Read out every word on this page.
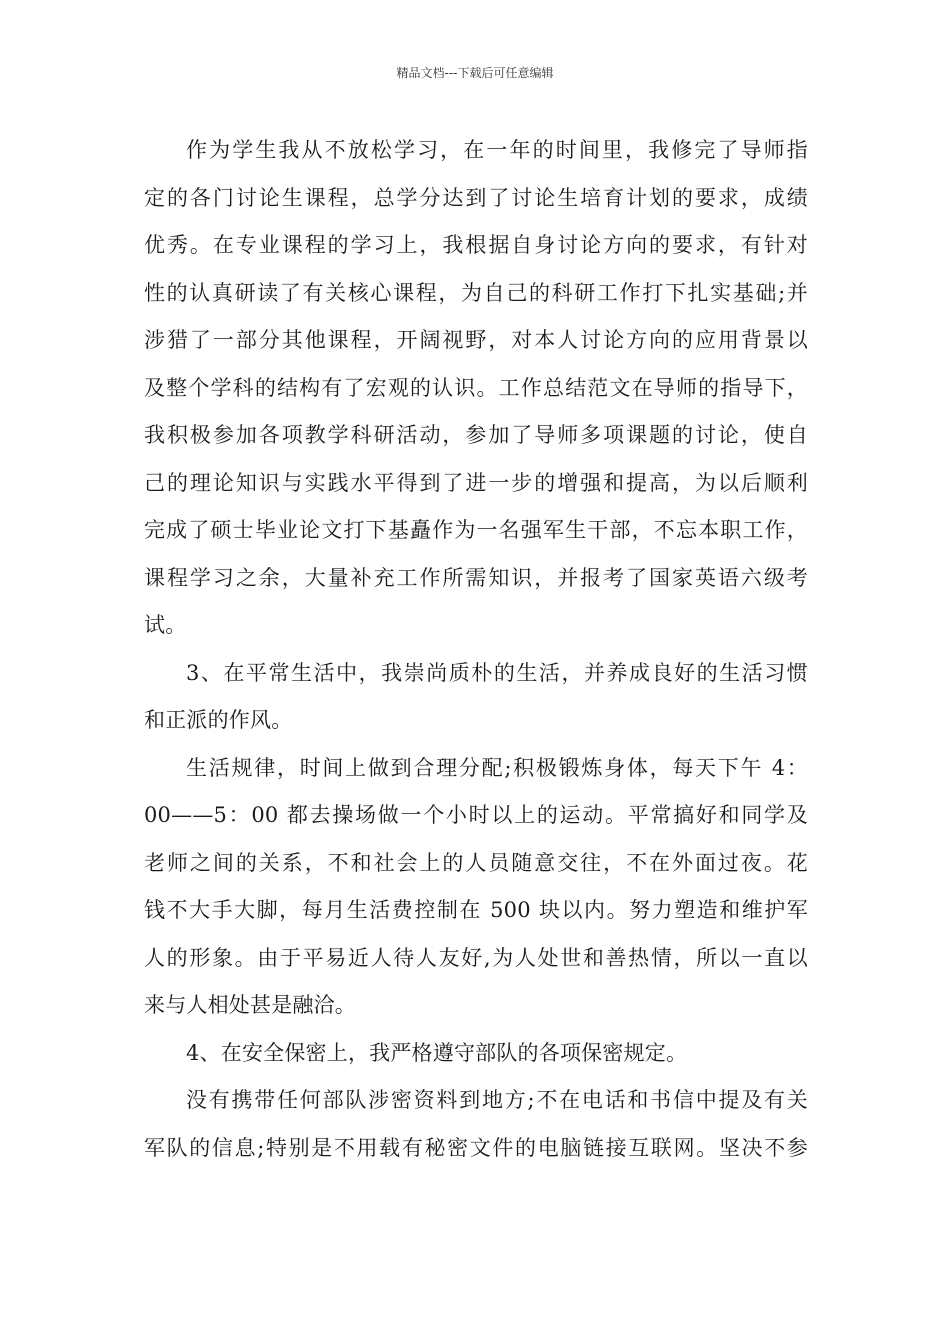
精品文档---下载后可任意编辑
作为学生我从不放松学习，在一年的时间里，我修完了导师指
定的各门讨论生课程，总学分达到了讨论生培育计划的要求，成绩
优秀。在专业课程的学习上，我根据自身讨论方向的要求，有针对
性的认真研读了有关核心课程，为自己的科研工作打下扎实基础;并
涉猎了一部分其他课程，开阔视野，对本人讨论方向的应用背景以
及整个学科的结构有了宏观的认识。工作总结范文在导师的指导下，
我积极参加各项教学科研活动，参加了导师多项课题的讨论，使自
己的理论知识与实践水平得到了进一步的增强和提高，为以后顺利
完成了硕士毕业论文打下基矗作为一名强军生干部，不忘本职工作，
课程学习之余，大量补充工作所需知识，并报考了国家英语六级考
试。
3、在平常生活中，我崇尚质朴的生活，并养成良好的生活习惯
和正派的作风。
生活规律，时间上做到合理分配;积极锻炼身体，每天下午 4：
00——5：00 都去操场做一个小时以上的运动。平常搞好和同学及
老师之间的关系，不和社会上的人员随意交往，不在外面过夜。花
钱不大手大脚，每月生活费控制在 500 块以内。努力塑造和维护军
人的形象。由于平易近人待人友好,为人处世和善热情，所以一直以
来与人相处甚是融洽。
4、在安全保密上，我严格遵守部队的各项保密规定。
没有携带任何部队涉密资料到地方;不在电话和书信中提及有关
军队的信息;特别是不用载有秘密文件的电脑链接互联网。坚决不参
